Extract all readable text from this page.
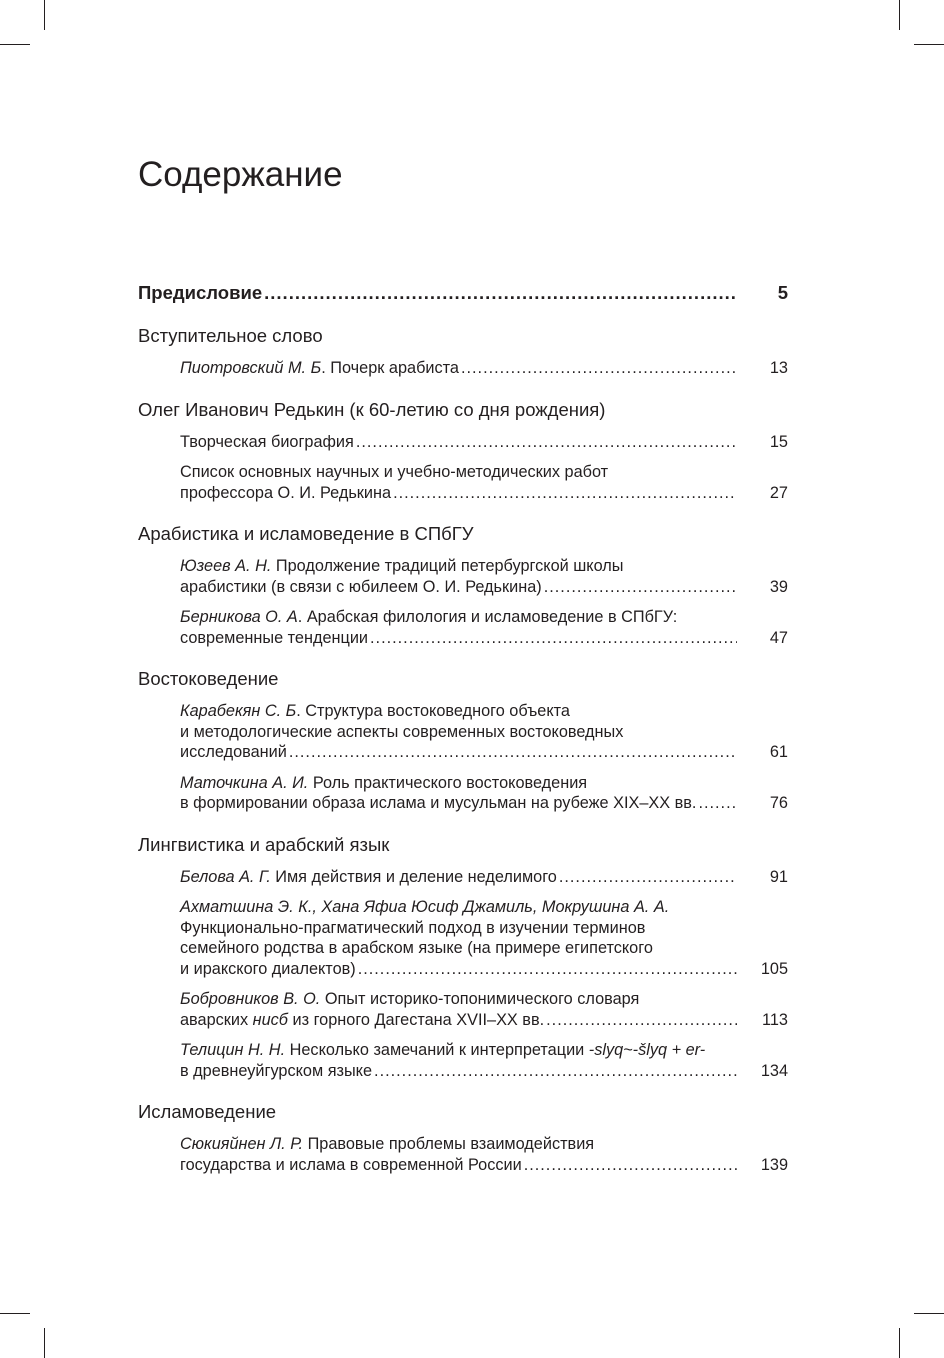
Содержание
Предисловие .....	5
Вступительное слово
Пиотровский М. Б. Почерк арабиста .....	13
Олег Иванович Редькин (к 60-летию со дня рождения)
Творческая биография .....	15
Список основных научных и учебно-методических работ
профессора О. И. Редькина .....	27
Арабистика и исламоведение в СПбГУ
Юзеев А. Н. Продолжение традиций петербургской школы
арабистики (в связи с юбилеем О. И. Редькина) .....	39
Берникова О. А. Арабская филология и исламоведение в СПбГУ:
современные тенденции .....	47
Востоковедение
Карабекян С. Б. Структура востоковедного объекта
и методологические аспекты современных востоковедных
исследований .....	61
Маточкина А. И. Роль практического востоковедения
в формировании образа ислама и мусульман на рубеже XIX–XX вв. .....	76
Лингвистика и арабский язык
Белова А. Г. Имя действия и деление неделимого .....	91
Ахматшина Э. К., Хана Яфиа Юсиф Джамиль, Мокрушина А. А.
Функционально-прагматический подход в изучении терминов
семейного родства в арабском языке (на примере египетского
и иракского диалектов) .....	105
Бобровников В. О. Опыт историко-топонимического словаря
аварских нисб из горного Дагестана XVII–XX вв. .....	113
Телицин Н. Н. Несколько замечаний к интерпретации -slyq~-šlyq + er-
в древнеуйгурском языке .....	134
Исламоведение
Сюкияйнен Л. Р. Правовые проблемы взаимодействия
государства и ислама в современной России .....	139
